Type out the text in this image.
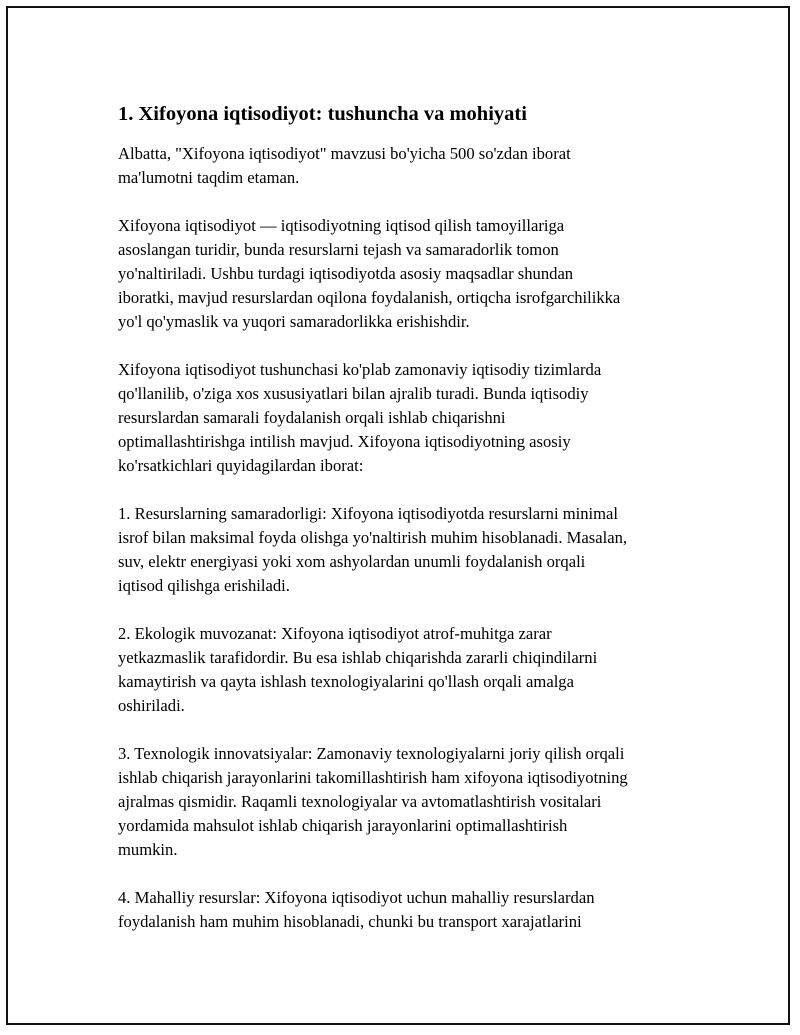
1. Xifoyona iqtisodiyot: tushuncha va mohiyati

Albatta, "Xifoyona iqtisodiyot" mavzusi bo'yicha 500 so'zdan iborat
ma'lumotni taqdim etaman.

Xifoyona iqtisodiyot — iqtisodiyotning iqtisod qilish tamoyillariga
asoslangan turidir, bunda resurslarni tejash va samaradorlik tomon
yo'naltiriladi. Ushbu turdagi iqtisodiyotda asosiy maqsadlar shundan
iboratki, mavjud resurslardan oqilona foydalanish, ortiqcha isrofgarchilikka
yo'l qo'ymaslik va yuqori samaradorlikka erishishdir.

Xifoyona iqtisodiyot tushunchasi ko'plab zamonaviy iqtisodiy tizimlarda
qo'llanilib, o'ziga xos xususiyatlari bilan ajralib turadi. Bunda iqtisodiy
resurslardan samarali foydalanish orqali ishlab chiqarishni
optimallashtirishga intilish mavjud. Xifoyona iqtisodiyotning asosiy
ko'rsatkichlari quyidagilardan iborat:

1. Resurslarning samaradorligi: Xifoyona iqtisodiyotda resurslarni minimal
isrof bilan maksimal foyda olishga yo'naltirish muhim hisoblanadi. Masalan,
suv, elektr energiyasi yoki xom ashyolardan unumli foydalanish orqali
iqtisod qilishga erishiladi.

2. Ekologik muvozanat: Xifoyona iqtisodiyot atrof-muhitga zarar
yetkazmaslik tarafidordir. Bu esa ishlab chiqarishda zararli chiqindilarni
kamaytirish va qayta ishlash texnologiyalarini qo'llash orqali amalga
oshiriladi.

3. Texnologik innovatsiyalar: Zamonaviy texnologiyalarni joriy qilish orqali
ishlab chiqarish jarayonlarini takomillashtirish ham xifoyona iqtisodiyotning
ajralmas qismidir. Raqamli texnologiyalar va avtomatlashtirish vositalari
yordamida mahsulot ishlab chiqarish jarayonlarini optimallashtirish
mumkin.

4. Mahalliy resurslar: Xifoyona iqtisodiyot uchun mahalliy resurslardan
foydalanish ham muhim hisoblanadi, chunki bu transport xarajatlarini
